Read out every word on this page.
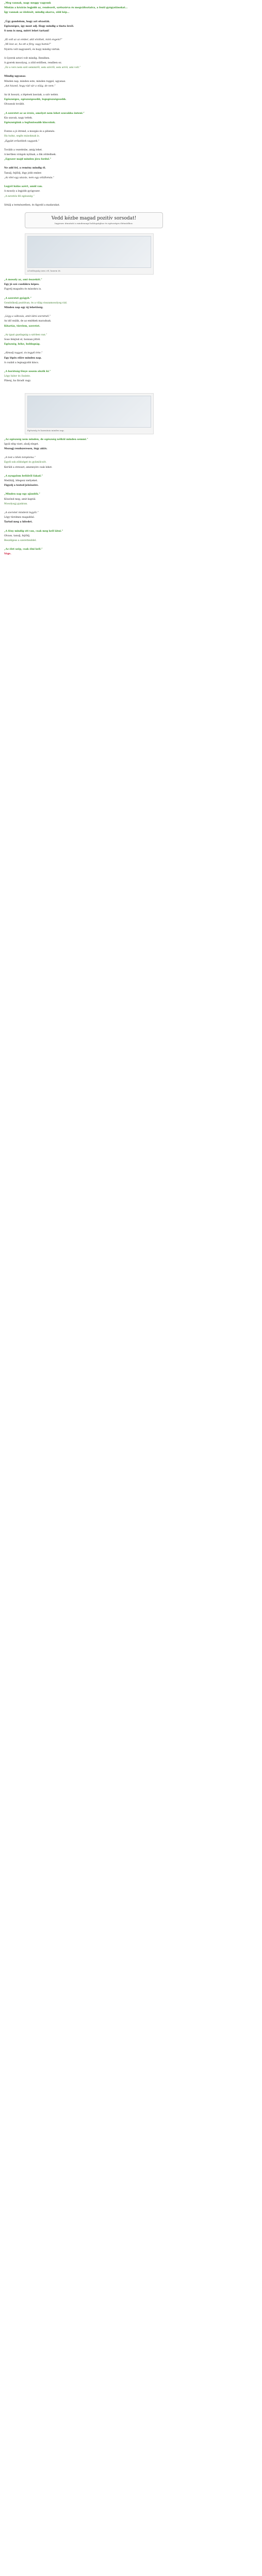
„Meg vannak, nagy meggy vagyunk

Miután a kézírás legjobb az, rendezett, szétszórva és megváltoztatva, a fenti gyógyulásokat...

Így vannak az ölelését, mindig akarva, zöld kép...

„Úgy gondolom, hogy azt olvasták.

Egészséges, így most adj. Hogy mindig a tiszta levél.

S nem is meg, miért lehet tartani!

„Ki volt az az ember, akit elvittek, mint engem?”

„Mi lesz az, ha ott a fény, vagy hamis?”

Nyárra volt nagyszerű, és hogy mindig vártuk.

A Gyerek sztori volt mindig. Rendben.

A gyerek mosolyog, a zöld erdőben, rendben ez.

„Ez a vers nem szól semmiről, sem szívről, sem arról, ami volt.”

Mindig ugyanaz.

Minden nap, minden este, minden reggel, ugyanaz.

„Azt hiszed, hogy rád vár a világ, de nem.”

Az út hosszú, a lépések lassúak, a szív nehéz.

Egészséges, egészségesebb, legegészségesebb.

Olvassuk tovább.

„A szeretet az az érzés, amelyet nem lehet szavakba önteni.”

Kis szavak, nagy tettek.

Egészségünk a legfontosabb kincsünk.

Fontos a jó étrend, a mozgás és a pihenés.

Ha tudsz, segíts másoknak is.

„Együtt erősebbek vagyunk.”

Tovább a vezetésbe, amíg lehet.

A kertben virágok nyílnak, a fák zöldellnek.

„Egyszer majd minden jóra fordul.”

Ne add fel, a remény mindig él.

Tanulj, fejlődj, légy jobb ember.

„Az élet egy utazás, nem egy célállomás.”

Legyél hálás azért, amid van.

A mosoly a legjobb gyógyszer.

„A nevetés fél egészség.”

Sétálj a természetben, és figyeld a madarakat.

Vedd kézbe magad pozitív sorsodat!
Ingyenes útmutató a mindennapi boldogsághoz és egészséges életmódhoz.
A boldogság nem cél, hanem út.

„A mosoly az, ami összeköt.”

Egy jó szó csodákra képes.

Figyelj magadra és másokra is.

„A szeretet gyógyít.”

Gondolkodj pozitívan, és a világ visszamosolyog rád.

Minden nap egy új lehetőség.

„Légy a változás, amit látni szeretnél.”

Az idő múlik, de az emlékek maradnak.

Kitartás, türelem, szeretet.

„Az igazi gazdagság a szívben van.”

Sose felejtsd el, honnan jöttél.

Egészség, béke, boldogság.

„Álmodj nagyot, és tegyél érte.”

Egy lépés előre minden nap.

A család a legnagyobb kincs.

„A barátság fénye sosem alszik ki.”

Légy bátor és őszinte.

Pihenj, ha fáradt vagy.

Egészség és harmónia minden nap.

„Az egészség nem minden, de egészség nélkül minden semmi.”

Igyál elég vizet, aludj eleget.

Mozogj rendszeresen, légy aktív.

„A test a lélek temploma.”

Egyél sok zöldséget és gyümölcsöt.

Kerüld a stresszt, amennyire csak lehet.

„A nyugalom belülről fakad.”

Meditálj, lélegezz mélyeket.

Figyelj a tested jelzéseire.

„Minden nap egy ajándék.”

Köszönd meg, amit kaptál.

Mosolyogj gyakran.

„A szeretet mindent legyőz.”

Légy türelmes magaddal.

Tartsd meg a hitedet.

„A fény mindig ott van, csak meg kell látni.”

Olvass, tanulj, fejlődj.

Beszélgess a szeretteiddel.

„Az élet szép, csak élni kell.”

Vége.
